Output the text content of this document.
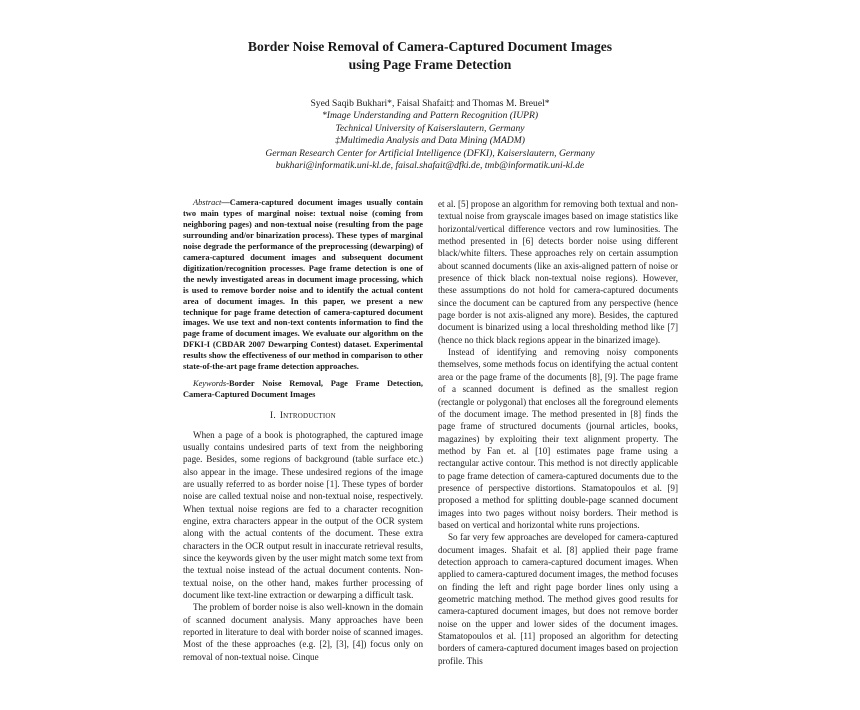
Border Noise Removal of Camera-Captured Document Images
using Page Frame Detection
Syed Saqib Bukhari*, Faisal Shafait‡ and Thomas M. Breuel*
*Image Understanding and Pattern Recognition (IUPR)
Technical University of Kaiserslautern, Germany
‡Multimedia Analysis and Data Mining (MADM)
German Research Center for Artificial Intelligence (DFKI), Kaiserslautern, Germany
bukhari@informatik.uni-kl.de, faisal.shafait@dfki.de, tmb@informatik.uni-kl.de

Abstract—Camera-captured document images usually contain two main types of marginal noise: textual noise (coming from neighboring pages) and non-textual noise (resulting from the page surrounding and/or binarization process). These types of marginal noise degrade the performance of the preprocessing (dewarping) of camera-captured document images and subsequent document digitization/recognition processes. Page frame detection is one of the newly investigated areas in document image processing, which is used to remove border noise and to identify the actual content area of document images. In this paper, we present a new technique for page frame detection of camera-captured document images. We use text and non-text contents information to find the page frame of document images. We evaluate our algorithm on the DFKI-I (CBDAR 2007 Dewarping Contest) dataset. Experimental results show the effectiveness of our method in comparison to other state-of-the-art page frame detection approaches.

Keywords-Border Noise Removal, Page Frame Detection, Camera-Captured Document Images

I. Introduction

When a page of a book is photographed, the captured image usually contains undesired parts of text from the neighboring page. Besides, some regions of background (table surface etc.) also appear in the image. These undesired regions of the image are usually referred to as border noise [1]. These types of border noise are called textual noise and non-textual noise, respectively. When textual noise regions are fed to a character recognition engine, extra characters appear in the output of the OCR system along with the actual contents of the document. These extra characters in the OCR output result in inaccurate retrieval results, since the keywords given by the user might match some text from the textual noise instead of the actual document contents. Non-textual noise, on the other hand, makes further processing of document like text-line extraction or dewarping a difficult task.

The problem of border noise is also well-known in the domain of scanned document analysis. Many approaches have been reported in literature to deal with border noise of scanned images. Most of the these approaches (e.g. [2], [3], [4]) focus only on removal of non-textual noise. Cinque

et al. [5] propose an algorithm for removing both textual and non-textual noise from grayscale images based on image statistics like horizontal/vertical difference vectors and row luminosities. The method presented in [6] detects border noise using different black/white filters. These approaches rely on certain assumption about scanned documents (like an axis-aligned pattern of noise or presence of thick black non-textual noise regions). However, these assumptions do not hold for camera-captured documents since the document can be captured from any perspective (hence page border is not axis-aligned any more). Besides, the captured document is binarized using a local thresholding method like [7] (hence no thick black regions appear in the binarized image).

Instead of identifying and removing noisy components themselves, some methods focus on identifying the actual content area or the page frame of the documents [8], [9]. The page frame of a scanned document is defined as the smallest region (rectangle or polygonal) that encloses all the foreground elements of the document image. The method presented in [8] finds the page frame of structured documents (journal articles, books, magazines) by exploiting their text alignment property. The method by Fan et. al [10] estimates page frame using a rectangular active contour. This method is not directly applicable to page frame detection of camera-captured documents due to the presence of perspective distortions. Stamatopoulos et al. [9] proposed a method for splitting double-page scanned document images into two pages without noisy borders. Their method is based on vertical and horizontal white runs projections.

So far very few approaches are developed for camera-captured document images. Shafait et al. [8] applied their page frame detection approach to camera-captured document images. When applied to camera-captured document images, the method focuses on finding the left and right page border lines only using a geometric matching method. The method gives good results for camera-captured document images, but does not remove border noise on the upper and lower sides of the document images. Stamatopoulos et al. [11] proposed an algorithm for detecting borders of camera-captured document images based on projection profile. This
